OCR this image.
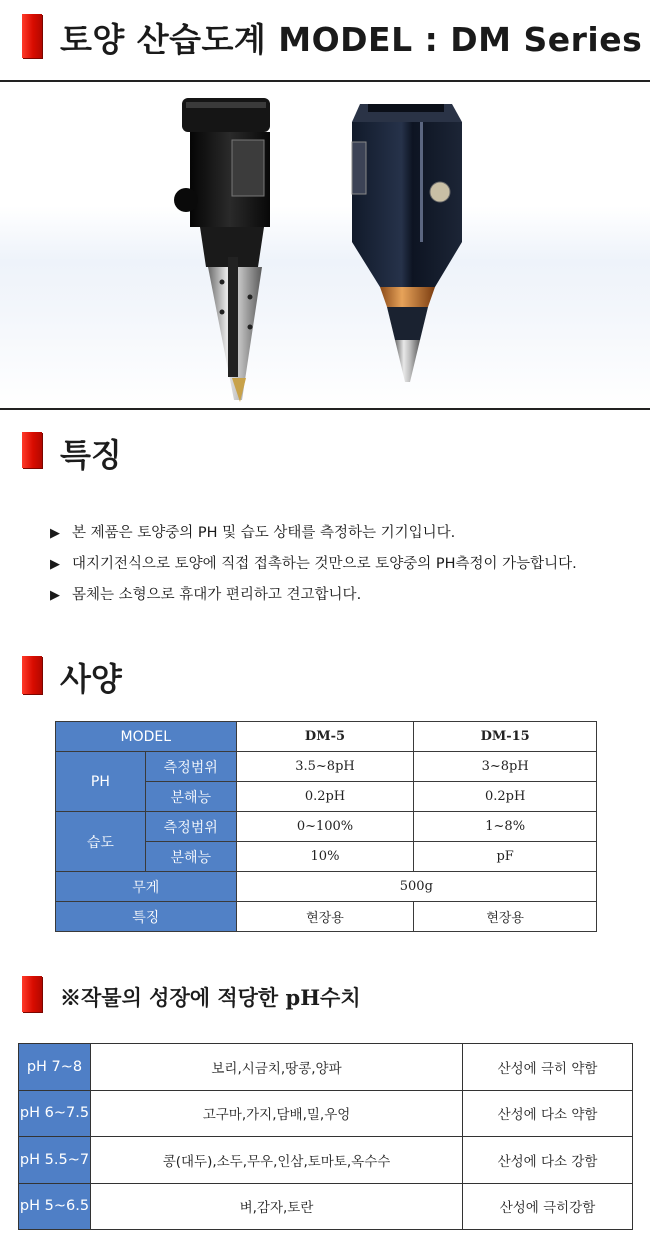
토양 산습도계 MODEL : DM Series
특징
▶ 본 제품은 토양중의 PH 및 습도 상태를 측정하는 기기입니다.
▶ 대지기전식으로 토양에 직접 접촉하는 것만으로 토양중의 PH측정이 가능합니다.
▶ 몸체는 소형으로 휴대가 편리하고 견고합니다.
사양
MODEL		DM-5	DM-15
PH	측정범위	3.5~8pH	3~8pH
	분해능	0.2pH	0.2pH
습도	측정범위	0~100%	1~8%
	분해능	10%	pF
무게		500g	
특징		현장용	현장용
※작물의 성장에 적당한 pH수치
pH 7~8	보리,시금치,땅콩,양파	산성에 극히 약함
pH 6~7.5	고구마,가지,담배,밀,우엉	산성에 다소 약함
pH 5.5~7	콩(대두),소두,무우,인삼,토마토,옥수수	산성에 다소 강함
pH 5~6.5	벼,감자,토란	산성에 극히강함
